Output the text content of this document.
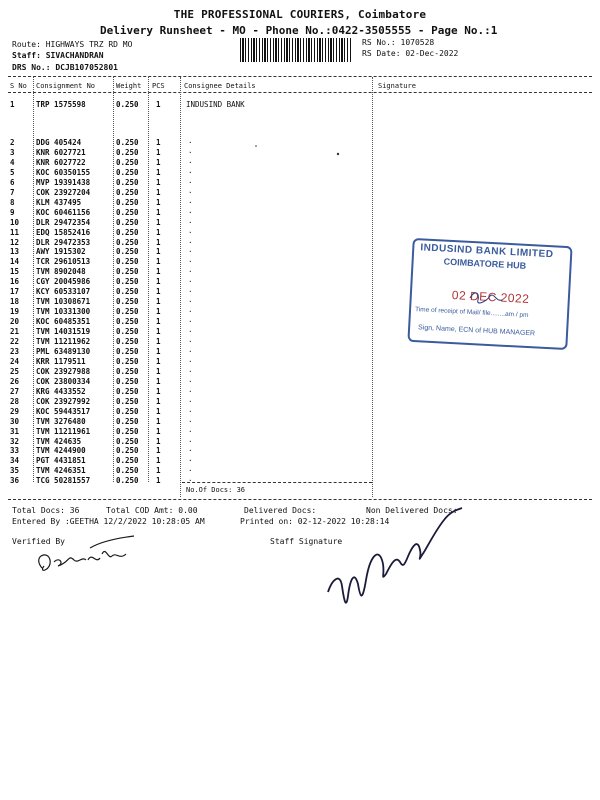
THE PROFESSIONAL COURIERS, Coimbatore
Delivery Runsheet - MO - Phone No.:0422-3505555 - Page No.:1
Route: HIGHWAYS TRZ RD MO
Staff: SIVACHANDRAN
DRS No.: DCJB107052801
RS No.: 1070528
RS Date: 02-Dec-2022
S No Consignment No	Weight PCS	Consignee Details	Signature
1	TRP 1575598	0.250 1	INDUSIND BANK
2	DDG 405424	0.250 1	·
3	KNR 6027721	0.250 1	·
4	KNR 6027722	0.250 1	·
5	KOC 60350155	0.250 1	·
6	MVP 19391438	0.250 1	·
7	COK 23927204	0.250 1	·
8	KLM 437495	0.250 1	·
9	KOC 60461156	0.250 1	·
10 DLR 29472354	0.250 1	·
11 EDQ 15852416	0.250 1	·
12 DLR 29472353	0.250 1	·
13 AWY 1915302	0.250 1	·
14 TCR 29610513	0.250 1	·
15 TVM 8902048	0.250 1	·
16 CGY 20045986	0.250 1	·
17 KCY 60533107	0.250 1	·
18 TVM 10308671	0.250 1	·
19 TVM 10331300	0.250 1	·
20 KOC 60485351	0.250 1	·
21 TVM 14031519	0.250 1	·
22 TVM 11211962	0.250 1	·
23 PML 63489130	0.250 1	·
24 KRR 1179511	0.250 1	·
25 COK 23927988	0.250 1	·
26 COK 23800334	0.250 1	·
27 KRG 4433552	0.250 1	·
28 COK 23927992	0.250 1	·
29 KOC 59443517	0.250 1	·
30 TVM 3276480	0.250 1	·
31 TVM 11211961	0.250 1	·
32 TVM 424635	0.250 1	·
33 TVM 4244900	0.250 1	·
34 PGT 4431851	0.250 1	·
35 TVM 4246351	0.250 1	·
36 TCG 50281557	0.250 1	·
No.Of Docs: 36
Total Docs: 36	Total COD Amt: 0.00	Delivered Docs:	Non Delivered Docs:
Entered By :GEETHA 12/2/2022 10:28:05 AM	Printed on: 02-12-2022 10:28:14
Verified By	Staff Signature
INDUSIND BANK LIMITED
COIMBATORE HUB
02 DEC 2022
Time of receipt of Mail/ file........am / pm
Sign, Name, ECN of HUB MANAGER
